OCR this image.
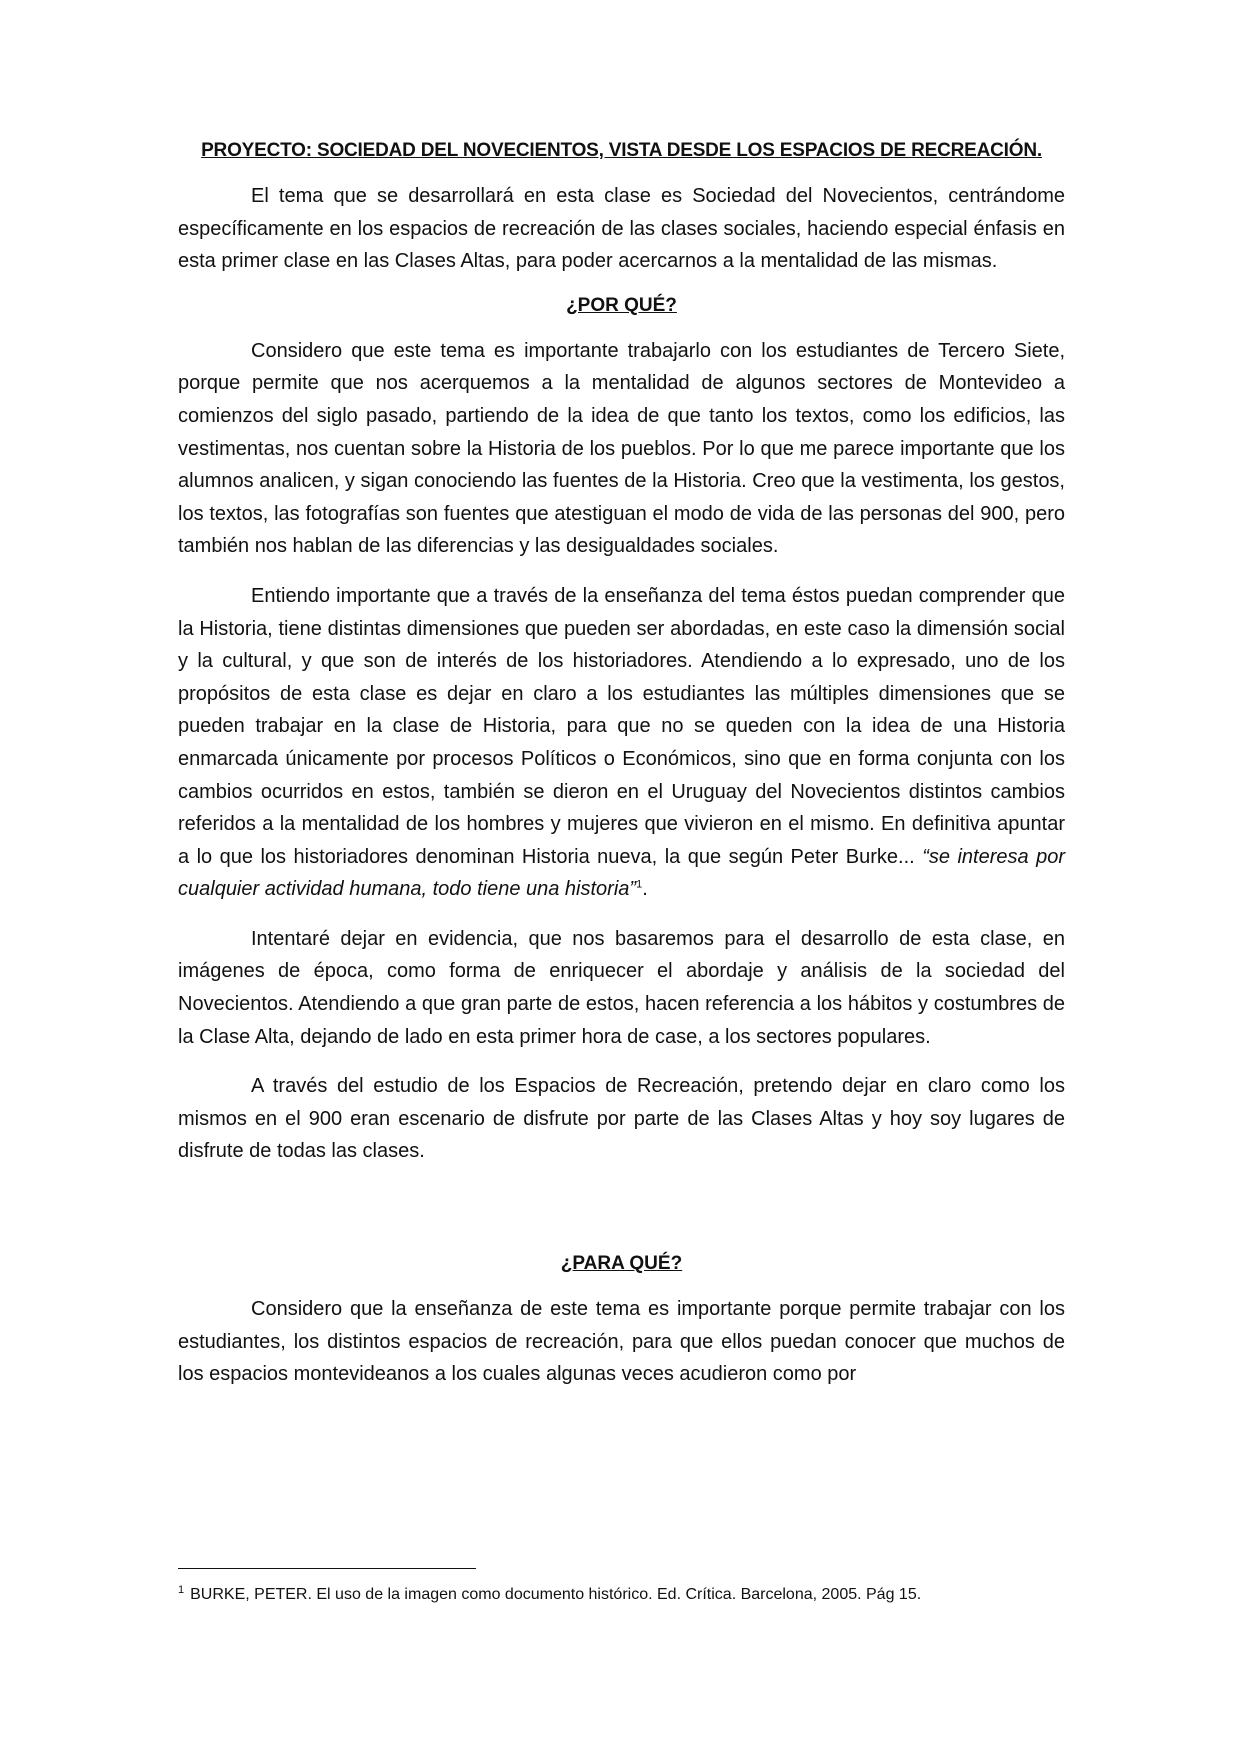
PROYECTO: SOCIEDAD DEL NOVECIENTOS, VISTA DESDE LOS ESPACIOS DE RECREACIÓN.

El tema que se desarrollará en esta clase es Sociedad del Novecientos, centrándome específicamente en los espacios de recreación de las clases sociales, haciendo especial énfasis en esta primer clase en las Clases Altas, para poder acercarnos a la mentalidad de las mismas.

¿POR QUÉ?

Considero que este tema es importante trabajarlo con los estudiantes de Tercero Siete, porque permite que nos acerquemos a la mentalidad de algunos sectores de Montevideo a comienzos del siglo pasado, partiendo de la idea de que tanto los textos, como los edificios, las vestimentas, nos cuentan sobre la Historia de los pueblos. Por lo que me parece importante que los alumnos analicen, y sigan conociendo las fuentes de la Historia. Creo que la vestimenta, los gestos, los textos, las fotografías son fuentes que atestiguan el modo de vida de las personas del 900, pero también nos hablan de las diferencias y las desigualdades sociales.

Entiendo importante que a través de la enseñanza del tema éstos puedan comprender que la Historia, tiene distintas dimensiones que pueden ser abordadas, en este caso la dimensión social y la cultural, y que son de interés de los historiadores. Atendiendo a lo expresado, uno de los propósitos de esta clase es dejar en claro a los estudiantes las múltiples dimensiones que se pueden trabajar en la clase de Historia, para que no se queden con la idea de una Historia enmarcada únicamente por procesos Políticos o Económicos, sino que en forma conjunta con los cambios ocurridos en estos, también se dieron en el Uruguay del Novecientos distintos cambios referidos a la mentalidad de los hombres y mujeres que vivieron en el mismo. En definitiva apuntar a lo que los historiadores denominan Historia nueva, la que según Peter Burke... “se interesa por cualquier actividad humana, todo tiene una historia”$^1$.

Intentaré dejar en evidencia, que nos basaremos para el desarrollo de esta clase, en imágenes de época, como forma de enriquecer el abordaje y análisis de la sociedad del Novecientos. Atendiendo a que gran parte de estos, hacen referencia a los hábitos y costumbres de la Clase Alta, dejando de lado en esta primer hora de case, a los sectores populares.

A través del estudio de los Espacios de Recreación, pretendo dejar en claro como los mismos en el 900 eran escenario de disfrute por parte de las Clases Altas y hoy soy lugares de disfrute de todas las clases.

¿PARA QUÉ?

Considero que la enseñanza de este tema es importante porque permite trabajar con los estudiantes, los distintos espacios de recreación, para que ellos puedan conocer que muchos de los espacios montevideanos a los cuales algunas veces acudieron como por

$^1$ BURKE, PETER. El uso de la imagen como documento histórico. Ed. Crítica. Barcelona, 2005. Pág 15.
